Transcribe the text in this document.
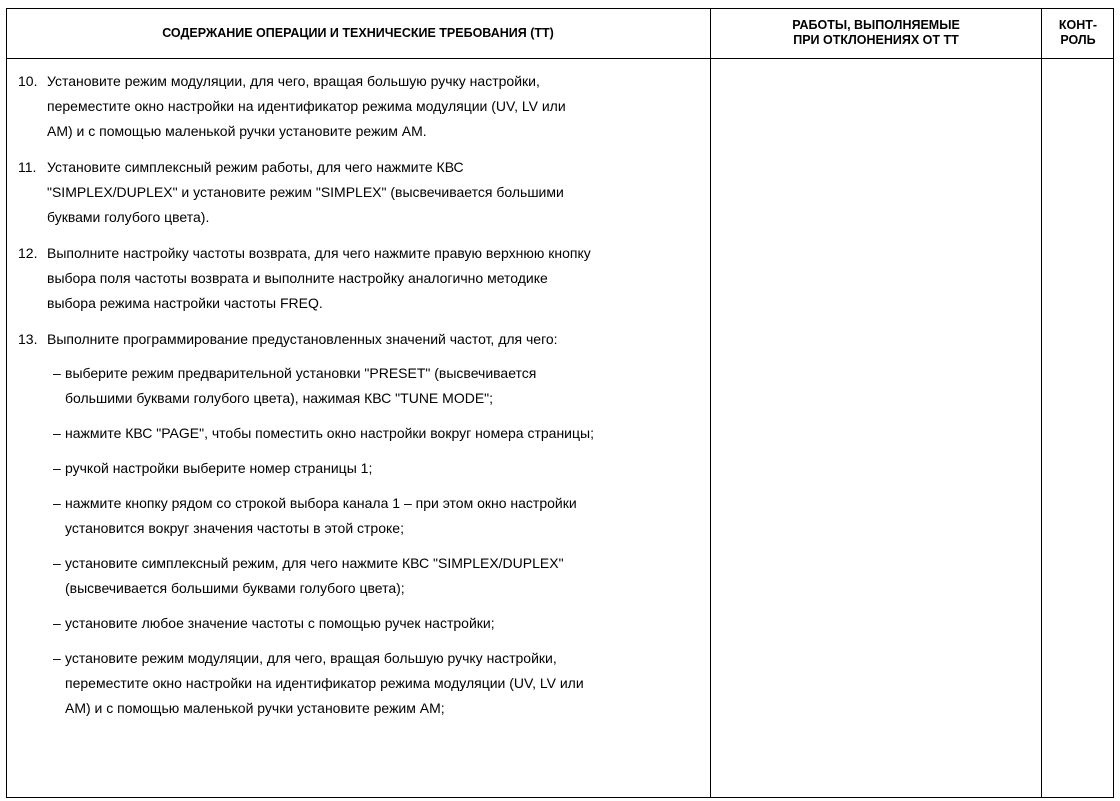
СОДЕРЖАНИЕ ОПЕРАЦИИ И ТЕХНИЧЕСКИЕ ТРЕБОВАНИЯ (ТТ)
РАБОТЫ, ВЫПОЛНЯЕМЫЕ
ПРИ ОТКЛОНЕНИЯХ ОТ ТТ
КОНТ-
РОЛЬ
10. Установите режим модуляции, для чего, вращая большую ручку настройки,
переместите окно настройки на идентификатор режима модуляции (UV, LV или
AM) и с помощью маленькой ручки установите режим AM.
11. Установите симплексный режим работы, для чего нажмите КВС
"SIMPLEX/DUPLEX" и установите режим "SIMPLEX" (высвечивается большими
буквами голубого цвета).
12. Выполните настройку частоты возврата, для чего нажмите правую верхнюю кнопку
выбора поля частоты возврата и выполните настройку аналогично методике
выбора режима настройки частоты FREQ.
13. Выполните программирование предустановленных значений частот, для чего:
– выберите режим предварительной установки "PRESET" (высвечивается
большими буквами голубого цвета), нажимая КВС "TUNE MODE";
– нажмите КВС "PAGE", чтобы поместить окно настройки вокруг номера страницы;
– ручкой настройки выберите номер страницы 1;
– нажмите кнопку рядом со строкой выбора канала 1 – при этом окно настройки
установится вокруг значения частоты в этой строке;
– установите симплексный режим, для чего нажмите КВС "SIMPLEX/DUPLEX"
(высвечивается большими буквами голубого цвета);
– установите любое значение частоты с помощью ручек настройки;
– установите режим модуляции, для чего, вращая большую ручку настройки,
переместите окно настройки на идентификатор режима модуляции (UV, LV или
AM) и с помощью маленькой ручки установите режим AM;
